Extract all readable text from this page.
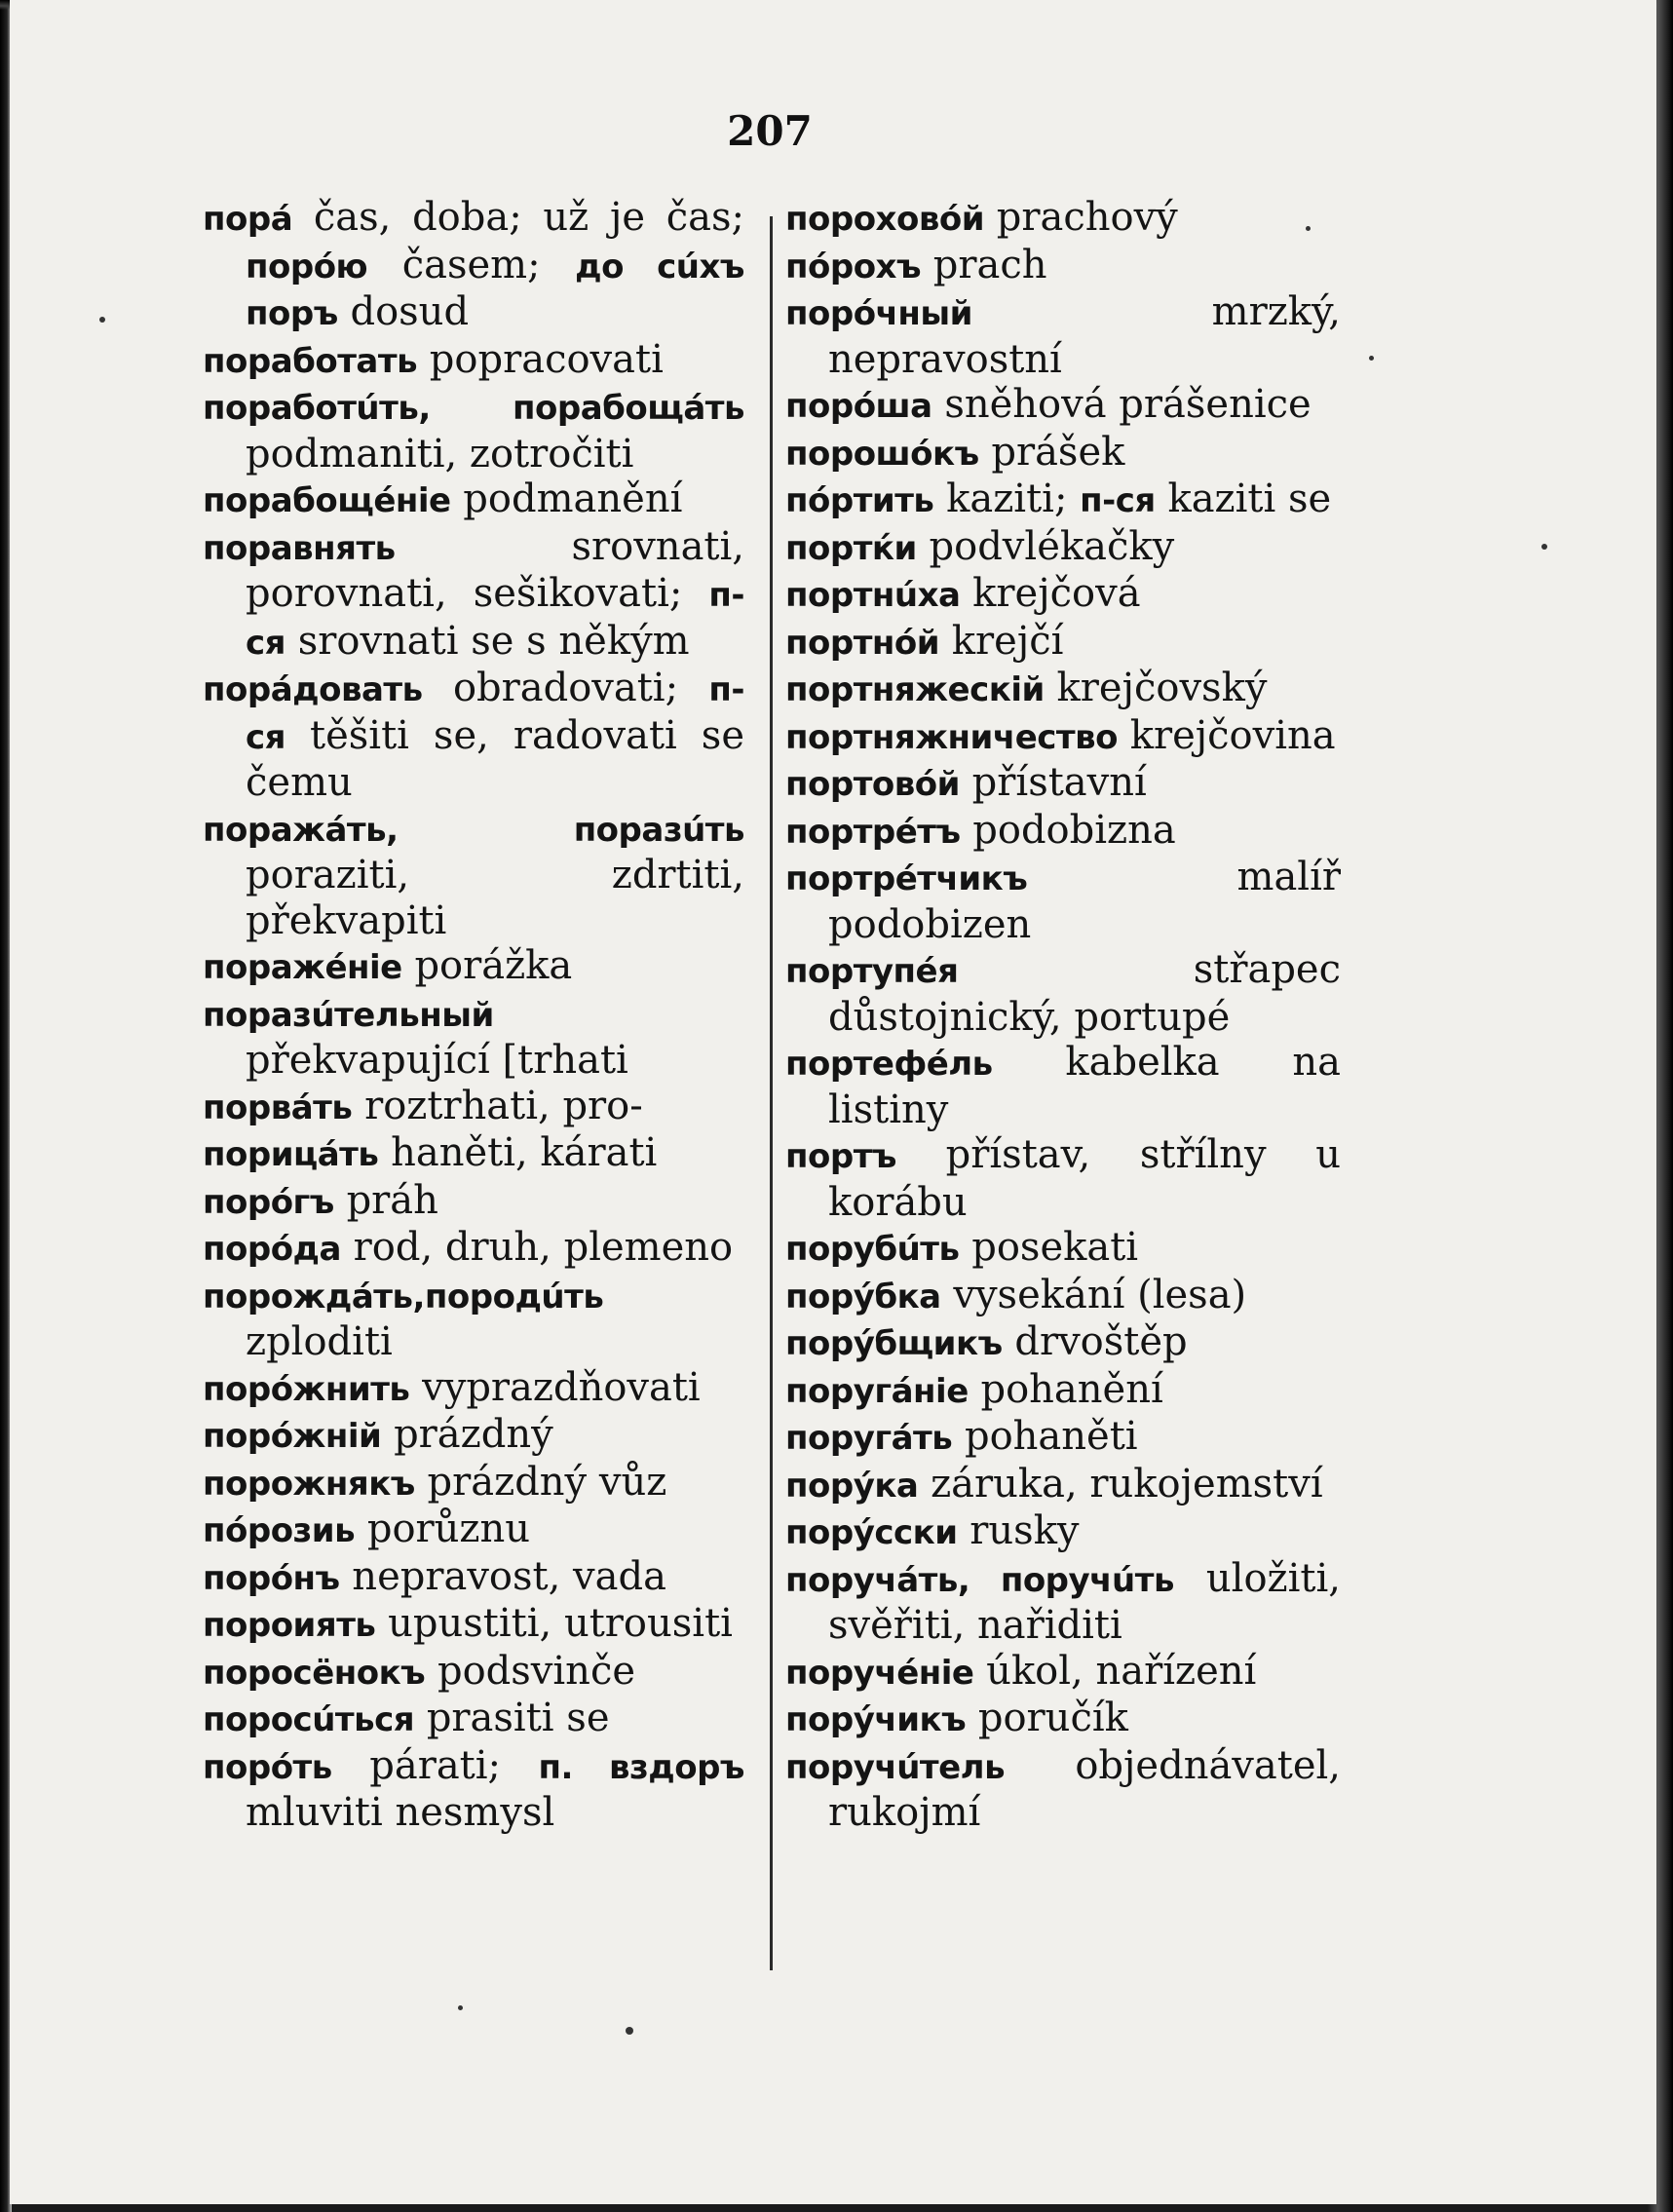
207

порá čas, doba; už je čas; порóю časem; до сúхъ поръ dosud

поработать popracovati

поработúть, порабощáть podmaniti, zotročiti

порабощéніе podmanění

поравнять srovnati, porovnati, sešikovati; п-ся srovnati se s někým

порáдовать obradovati; п-ся těšiti se, radovati se čemu

поражáть, поразúть poraziti, zdrtiti, překvapiti

поражéніе porážka

поразúтельный překvapující [trhati

порвáть roztrhati, pro-

порицáть haněti, kárati

порóгъ práh

порóда rod, druh, plemeno

порождáть,породúть zploditi

порóжнить vyprazdňovati

порóжній prázdný

порожнякъ prázdný vůz

пóрозиь porůznu

порóнъ nepravost, vada

пороиять upustiti, utrousiti

поросёнокъ podsvinče

поросúться prasiti se

порóть párati; п. вздоръ mluviti nesmysl

пороховóй prachový

пóрохъ prach

порóчный mrzký, nepravostní

порóша sněhová prášenice

порошóкъ prášek

пóртить kaziti; п-ся kaziti se

портќи podvlékačky

портнúха krejčová

портнóй krejčí

портняжескій krejčovský

портняжничество krejčovina

портовóй přístavní

портрéтъ podobizna

портрéтчикъ malíř podobizen

портупéя střapec důstojnický, portupé

портефéль kabelka na listiny

портъ přístav, střílny u korábu

порубúть posekati

порýбка vysekání (lesa)

порýбщикъ drvoštěp

поругáніе pohanění

поругáть pohaněti

порýка záruka, rukojemství

порýсски rusky

поручáть, поручúть uložiti, svěřiti, nařiditi

поручéніе úkol, nařízení

порýчикъ poručík

поручúтель objednávatel, rukojmí
